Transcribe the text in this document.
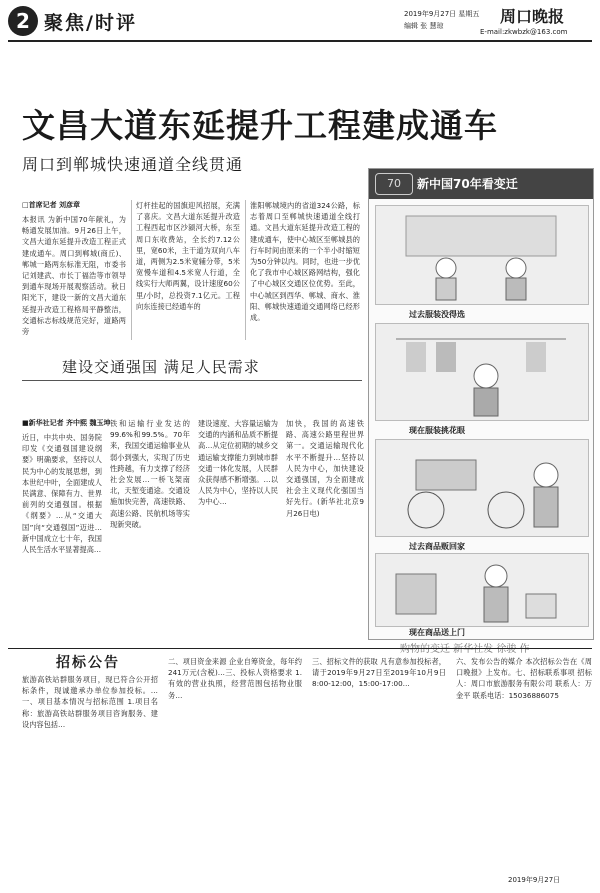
2 聚焦/时评	2019年9月27日 星期五
编辑 张 慧琼	周口晚报
E-mail:zkwbzk@163.com
文昌大道东延提升工程建成通车
周口到郸城快速通道全线贯通
□首席记者 刘彦章
本报讯 为新中国70年献礼，为畅通发展加油。9月26日上午，文昌大道东延提升改造工程正式建成通车。周口到郸城(商丘)、郸城一路两东标准无阻，市委书记刘建武、市长丁福浩等市领导到通车现场开展观察活动。秋日阳光下，建设一新的文昌大道东延提升改造工程格局平静整洁，交通标志标线规范完好，道路两旁
灯杆挂起的国旗迎风招展，充满了喜庆。文昌大道东延提升改造工程西起市区沙颍河大桥，东至周口东收费站，全长约7.12公里，宽60米，主干道为双向八车道，两侧为2.5米宽辅分带，5米宽慢车道和4.5米宽人行道，全线实行大师两翼，设计速度60公里/小时，总投资7.1亿元。工程向东连接已经通车的
淮阳郸城境内的省道324公路，标志着周口至郸城快速通道全线打通。文昌大道东延提升改造工程的建成通车，使中心城区至郸城县的行车时间由原来的一个半小时缩短为50分钟以内。同时，也进一步优化了我市中心城区路网结构，强化了中心城区交通区位优势。至此，中心城区到西华、郸城、商水、淮阳、郸城快速通道交通网络已经形成。
新中国70年看变迁
70
过去服装没得选
现在服装挑花眼
过去商品贩回家
现在商品送上门
购物的变迁 新华社发 徐骏 作
建设交通强国 满足人民需求
■新华社记者 齐中熙 魏玉坤
近日，中共中央、国务院印发《交通强国建设纲要》明确要求，坚持以人民为中心的发展思想，到本世纪中叶，全面建成人民满意、保障有力、世界前列的交通强国。根据《纲要》…从“交通大国”向“交通强国”迈进…新中国成立七十年，我国人民生活水平显著提高…
铁和运输行业发达的99.6%和99.5%。70年来，我国交通运输事业从弱小到强大，实现了历史性跨越，有力支撑了经济社会发展…一桥飞架南北，天堑变通途。交通设施加快完善，高速铁路、高速公路、民航机场等实现新突破。
建设速度、大容量运输为交通的内涵和品质不断提高…从定位初期的城乡交通运输支撑能力到城市群交通一体化发展，人民群众获得感不断增强。…以人民为中心，坚持以人民为中心…
加快，我国的高速铁路、高速公路里程世界第一。交通运输现代化水平不断提升…坚持以人民为中心，加快建设交通强国，为全面建成社会主义现代化强国当好先行。(新华社北京9月26日电)
招标公告
旅游高铁站群服务项目，现已符合公开招标条件，现诚邀承办单位参加投标。…一、项目基本情况与招标范围 1.项目名称：旅游高铁站群服务项目咨询服务、建设内容包括…
二、项目资金来源 企业自筹资金，每年约241万元(含税)…三、投标人资格要求 1.有效的营业执照，经营范围包括物业服务…
三、招标文件的获取 凡有意参加投标者，请于2019年9月27日至2019年10月9日8:00-12:00，15:00-17:00…
六、发布公告的媒介 本次招标公告在《周口晚报》上发布。七、招标联系事项 招标人：周口市旅游服务有限公司 联系人：万金平 联系电话：15036886075
2019年9月27日
